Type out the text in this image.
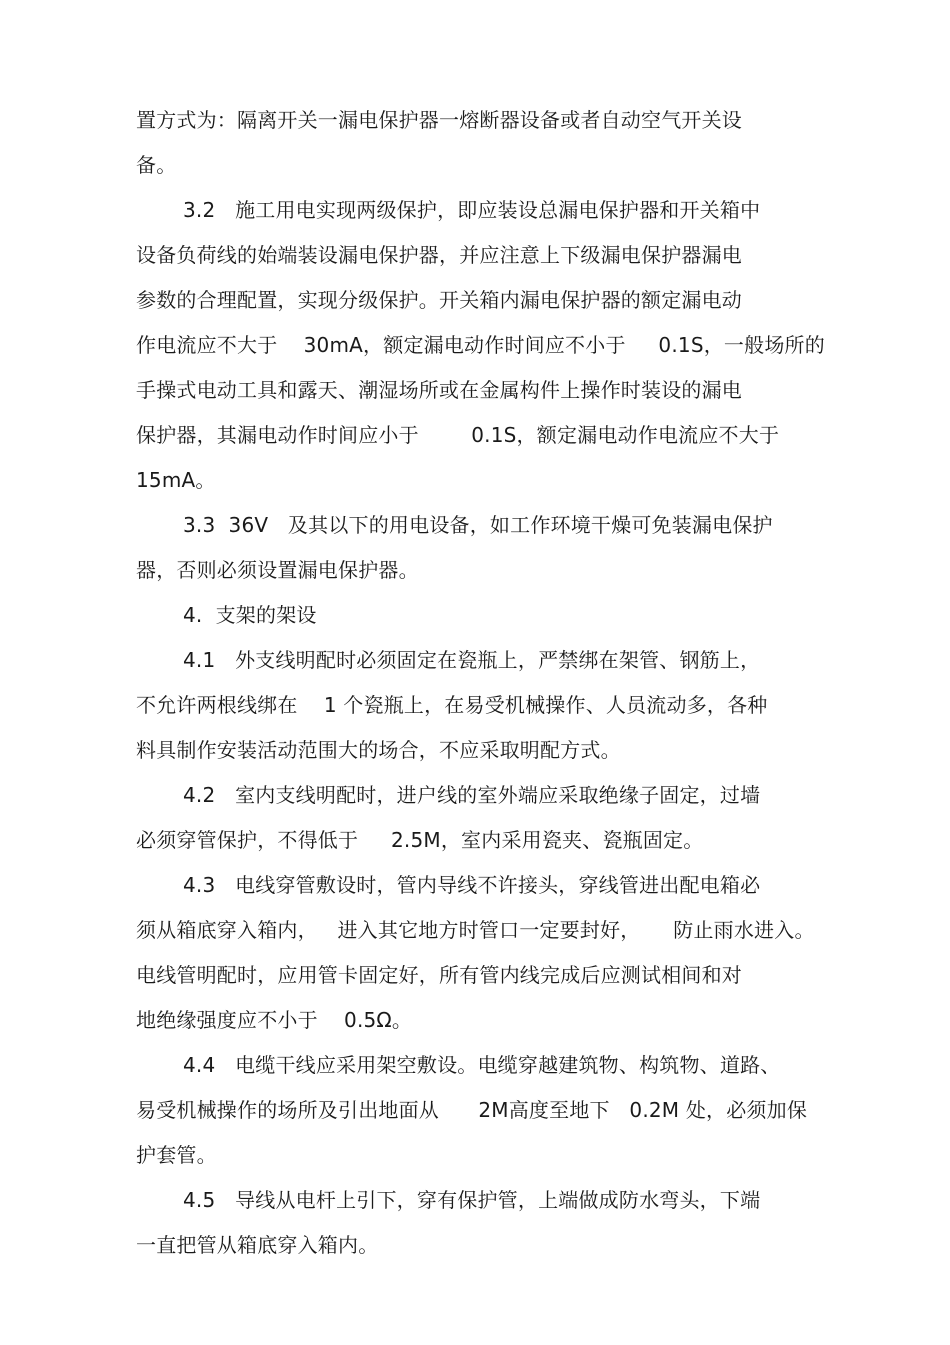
置方式为：隔离开关一漏电保护器一熔断器设备或者自动空气开关设

备。

3.2   施工用电实现两级保护，即应装设总漏电保护器和开关箱中

设备负荷线的始端装设漏电保护器，并应注意上下级漏电保护器漏电

参数的合理配置，实现分级保护。开关箱内漏电保护器的额定漏电动

作电流应不大于    30mA，额定漏电动作时间应不小于     0.1S，一般场所的

手操式电动工具和露天、潮湿场所或在金属构件上操作时装设的漏电

保护器，其漏电动作时间应小于        0.1S，额定漏电动作电流应不大于

15mA。

3.3  36V   及其以下的用电设备，如工作环境干燥可免装漏电保护

器，否则必须设置漏电保护器。

4.  支架的架设

4.1   外支线明配时必须固定在瓷瓶上，严禁绑在架管、钢筋上，

不允许两根线绑在    1 个瓷瓶上，在易受机械操作、人员流动多，各种

料具制作安装活动范围大的场合，不应采取明配方式。

4.2   室内支线明配时，进户线的室外端应采取绝缘子固定，过墙

必须穿管保护，不得低于     2.5M，室内采用瓷夹、瓷瓶固定。

4.3   电线穿管敷设时，管内导线不许接头，穿线管进出配电箱必

须从箱底穿入箱内，   进入其它地方时管口一定要封好，     防止雨水进入。

电线管明配时，应用管卡固定好，所有管内线完成后应测试相间和对

地绝缘强度应不小于    0.5Ω。

4.4   电缆干线应采用架空敷设。电缆穿越建筑物、构筑物、道路、

易受机械操作的场所及引出地面从      2M高度至地下   0.2M 处，必须加保

护套管。

4.5   导线从电杆上引下，穿有保护管，上端做成防水弯头，下端

一直把管从箱底穿入箱内。
